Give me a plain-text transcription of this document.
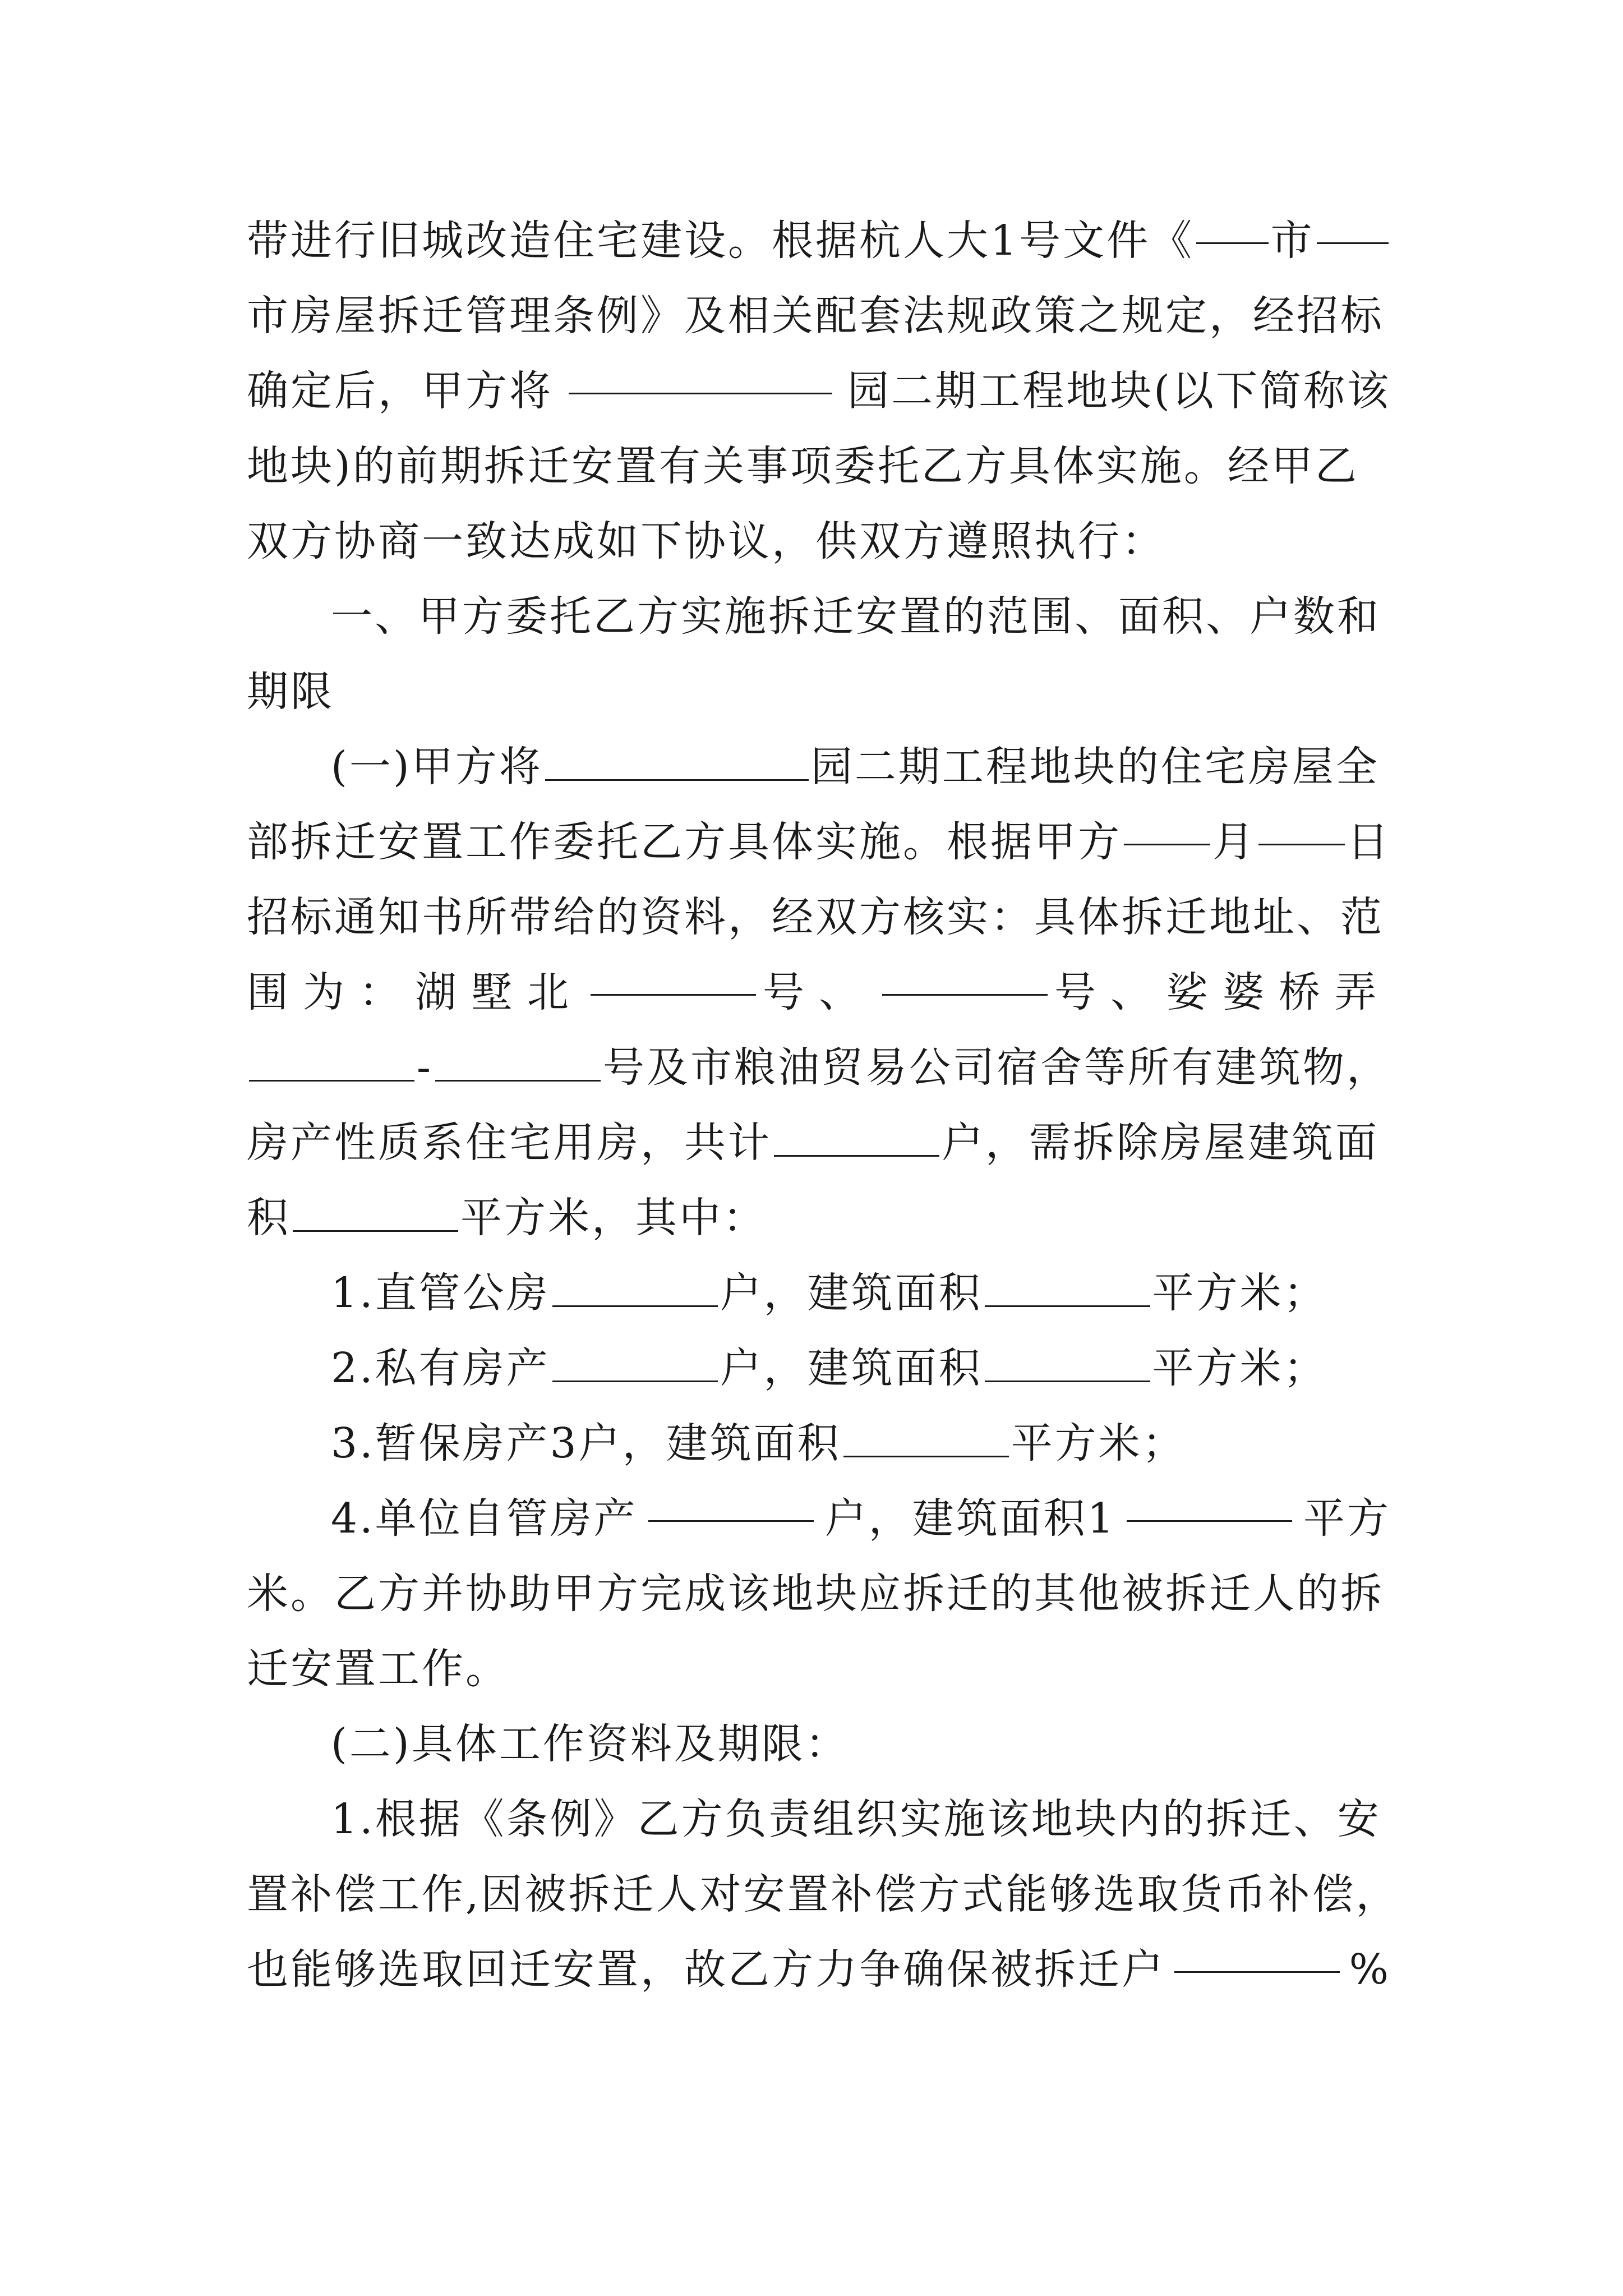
带进行旧城改造住宅建设。根据杭人大1号文件《 市
市房屋拆迁管理条例》及相关配套法规政策之规定，经招标
确定后，甲方将	园二期工程地块(以下简称该
地块)的前期拆迁安置有关事项委托乙方具体实施。经甲乙
双方协商一致达成如下协议，供双方遵照执行：
一、甲方委托乙方实施拆迁安置的范围、面积、户数和
期限
(一)甲方将	园二期工程地块的住宅房屋全
部拆迁安置工作委托乙方具体实施。根据甲方 月 日
招标通知书所带给的资料，经双方核实：具体拆迁地址、范
围为：湖墅北	号、	号、娑婆桥弄
-	号及市粮油贸易公司宿舍等所有建筑物，
房产性质系住宅用房，共计	户，需拆除房屋建筑面
积	平方米，其中：
1.直管公房	户，建筑面积	平方米；
2.私有房产	户，建筑面积	平方米；
3.暂保房产3户，建筑面积	平方米；
4.单位自管房产	户，建筑面积1	平方
米。乙方并协助甲方完成该地块应拆迁的其他被拆迁人的拆
迁安置工作。
(二)具体工作资料及期限：
1.根据《条例》乙方负责组织实施该地块内的拆迁、安
置补偿工作,因被拆迁人对安置补偿方式能够选取货币补偿，
也能够选取回迁安置，故乙方力争确保被拆迁户	%
